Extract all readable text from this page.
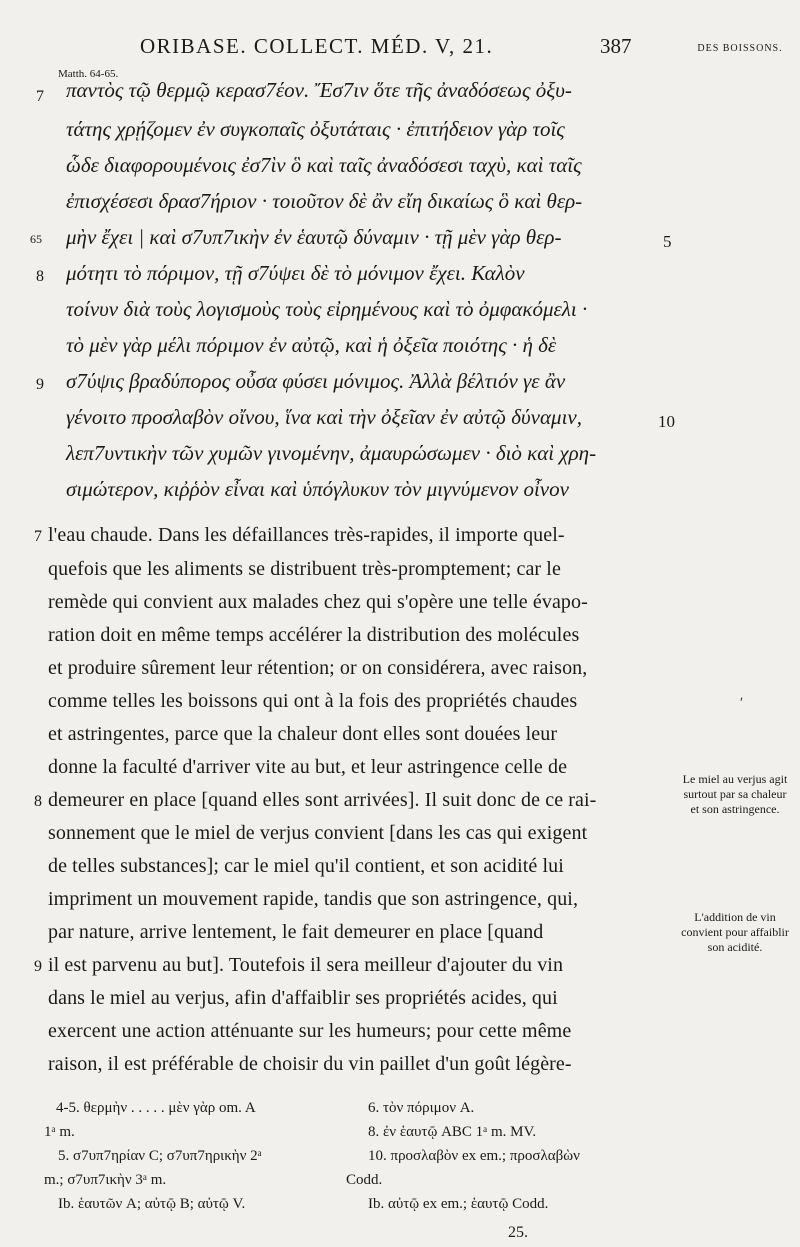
ORIBASE. COLLECT. MÉD. V, 21.	387	DES BOISSONS.
Matth. 64-65.
παντὸς τῷ θερμῷ κερασ7έον. Ἔσ7ιν ὅτε τῆς ἀναδόσεως ὀξυ-
τάτης χρῄζομεν ἐν συγκοπαῖς ὀξυτάταις · ἐπιτήδειον γὰρ τοῖς
ὧδε διαφορουμένοις ἐσ7ὶν ὃ καὶ ταῖς ἀναδόσεσι ταχὺ, καὶ ταῖς
ἐπισχέσεσι δρασ7ήριον · τοιοῦτον δὲ ἂν εἴη δικαίως ὃ καὶ θερ-
μὴν ἔχει | καὶ σ7υπ7ικὴν ἐν ἑαυτῷ δύναμιν · τῇ μὲν γὰρ θερ-
μότητι τὸ πόριμον, τῇ σ7ύψει δὲ τὸ μόνιμον ἔχει. Καλὸν
τοίνυν διὰ τοὺς λογισμοὺς τοὺς εἰρημένους καὶ τὸ ὀμφακόμελι ·
τὸ μὲν γὰρ μέλι πόριμον ἐν αὐτῷ, καὶ ἡ ὀξεῖα ποιότης · ἡ δὲ
σ7ύψις βραδύπορος οὖσα φύσει μόνιμος. Ἀλλὰ βέλτιόν γε ἂν
γένοιτο προσλαβὸν οἴνου, ἵνα καὶ τὴν ὀξεῖαν ἐν αὐτῷ δύναμιν,
λεπ7υντικὴν τῶν χυμῶν γινομένην, ἀμαυρώσωμεν · διὸ καὶ χρη-
σιμώτερον, κιῤῥὸν εἶναι καὶ ὑπόγλυκυν τὸν μιγνύμενον οἶνον
7
65
8
9
5
10
l'eau chaude. Dans les défaillances très-rapides, il importe quel-
quefois que les aliments se distribuent très-promptement; car le
remède qui convient aux malades chez qui s'opère une telle évapo-
ration doit en même temps accélérer la distribution des molécules
et produire sûrement leur rétention; or on considérera, avec raison,
comme telles les boissons qui ont à la fois des propriétés chaudes
et astringentes, parce que la chaleur dont elles sont douées leur
donne la faculté d'arriver vite au but, et leur astringence celle de
demeurer en place [quand elles sont arrivées]. Il suit donc de ce rai-
sonnement que le miel de verjus convient [dans les cas qui exigent
de telles substances]; car le miel qu'il contient, et son acidité lui
impriment un mouvement rapide, tandis que son astringence, qui,
par nature, arrive lentement, le fait demeurer en place [quand
il est parvenu au but]. Toutefois il sera meilleur d'ajouter du vin
dans le miel au verjus, afin d'affaiblir ses propriétés acides, qui
exercent une action atténuante sur les humeurs; pour cette même
raison, il est préférable de choisir du vin paillet d'un goût légère-
7
8
9
ʹ
Le miel au verjus agit surtout par sa chaleur et son astringence.
L'addition de vin convient pour affaiblir son acidité.
4-5. θερμὴν . . . . . μὲν γὰρ om. A
1ᵃ m.
5. σ7υπ7ηρίαν C; σ7υπ7ηρικὴν 2ᵃ
m.; σ7υπ7ικὴν 3ᵃ m.
Ib. ἑαυτῶν A; αὐτῷ B; αὐτῷ V.
6. τὸν πόριμον A.
8. ἐν ἑαυτῷ ABC 1ᵃ m. MV.
10. προσλαβὸν ex em.; προσλαβὼν
Codd.
Ib. αὐτῷ ex em.; ἑαυτῷ Codd.
25.
